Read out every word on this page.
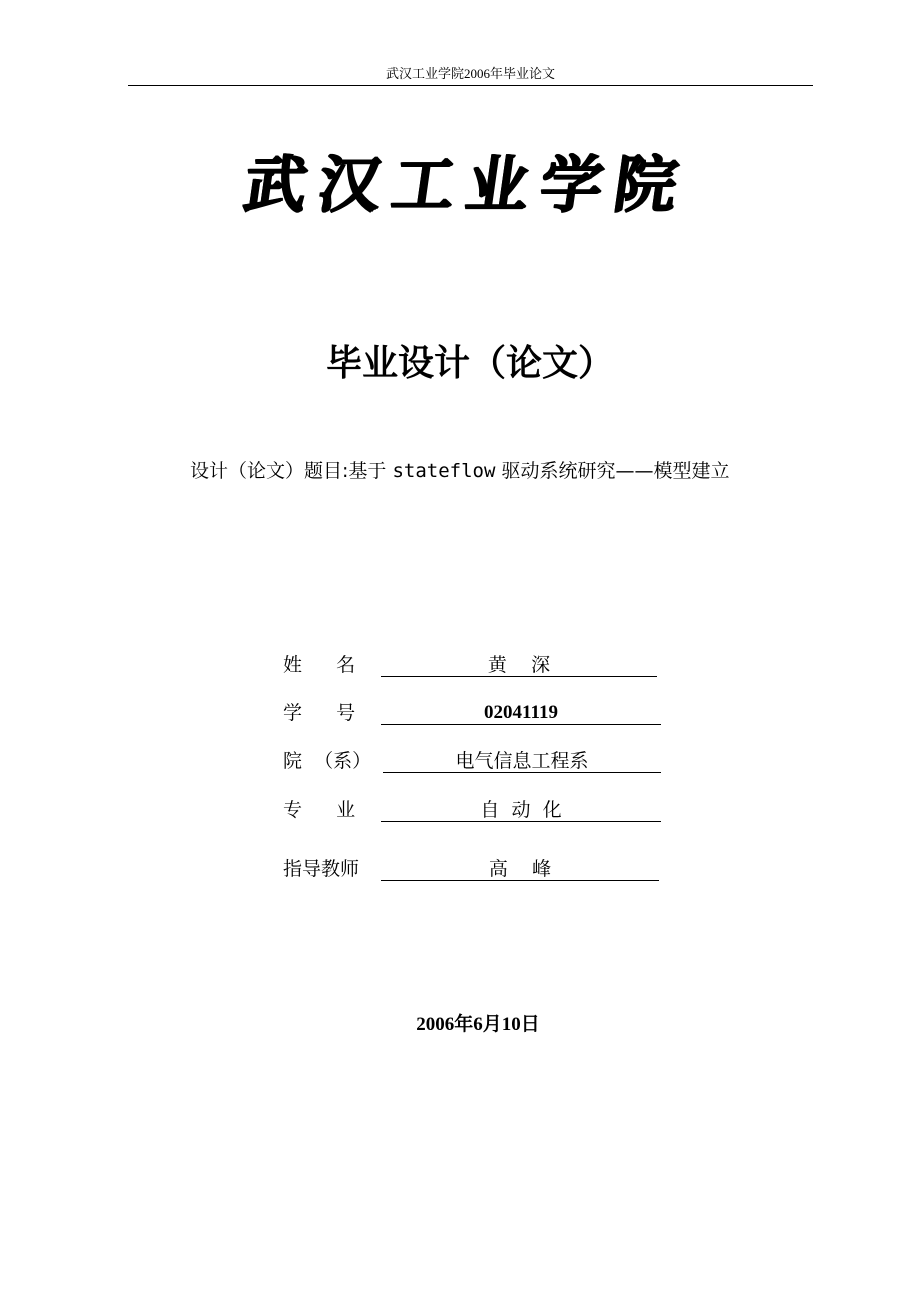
武汉工业学院2006年毕业论文
武汉工业学院
毕业设计（论文）
设计（论文）题目:基于 stateflow 驱动系统研究——模型建立
姓    名	黄    深
学    号	02041119
院  （系）	电气信息工程系
专    业	自  动  化
指导教师	高    峰
2006年6月10日
